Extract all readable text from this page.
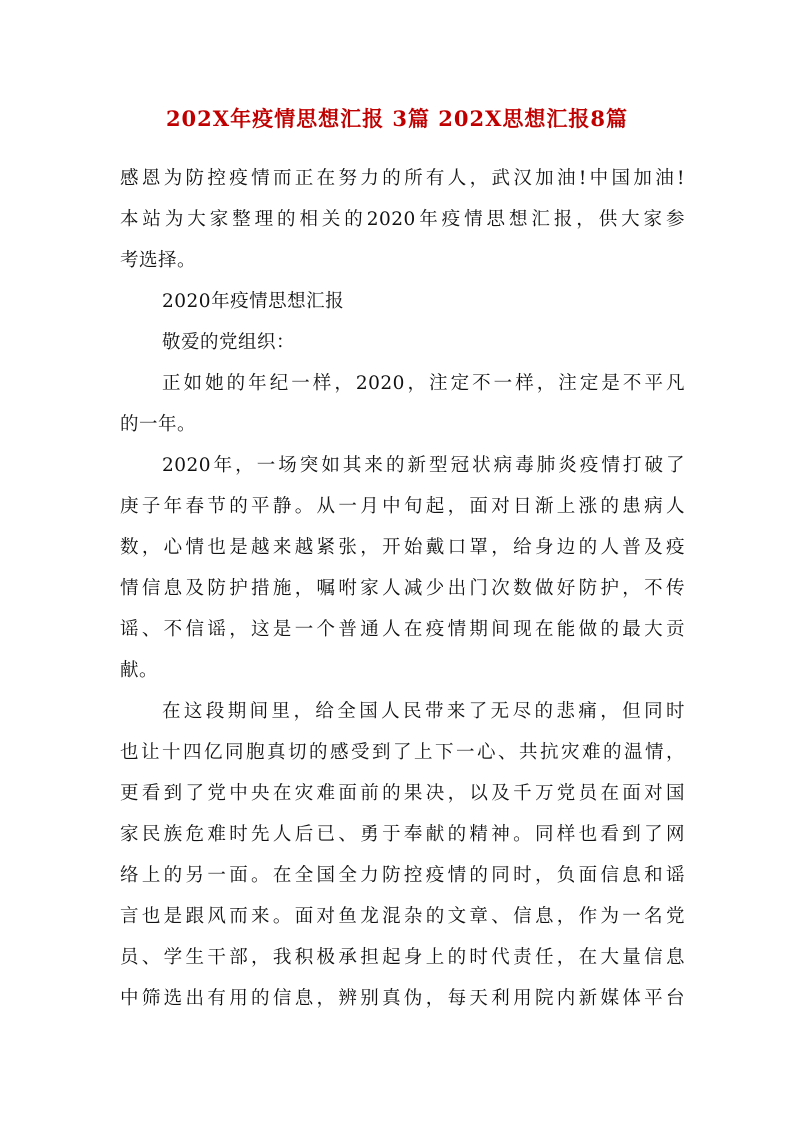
202X年疫情思想汇报 3篇 202X思想汇报8篇
感恩为防控疫情而正在努力的所有人，武汉加油!中国加油!
本站为大家整理的相关的2020年疫情思想汇报，供大家参
考选择。
2020年疫情思想汇报
敬爱的党组织：
正如她的年纪一样，2020，注定不一样，注定是不平凡
的一年。
2020年，一场突如其来的新型冠状病毒肺炎疫情打破了
庚子年春节的平静。从一月中旬起，面对日渐上涨的患病人
数，心情也是越来越紧张，开始戴口罩，给身边的人普及疫
情信息及防护措施，嘱咐家人减少出门次数做好防护，不传
谣、不信谣，这是一个普通人在疫情期间现在能做的最大贡
献。
在这段期间里，给全国人民带来了无尽的悲痛，但同时
也让十四亿同胞真切的感受到了上下一心、共抗灾难的温情，
更看到了党中央在灾难面前的果决，以及千万党员在面对国
家民族危难时先人后已、勇于奉献的精神。同样也看到了网
络上的另一面。在全国全力防控疫情的同时，负面信息和谣
言也是跟风而来。面对鱼龙混杂的文章、信息，作为一名党
员、学生干部，我积极承担起身上的时代责任，在大量信息
中筛选出有用的信息，辨别真伪，每天利用院内新媒体平台
